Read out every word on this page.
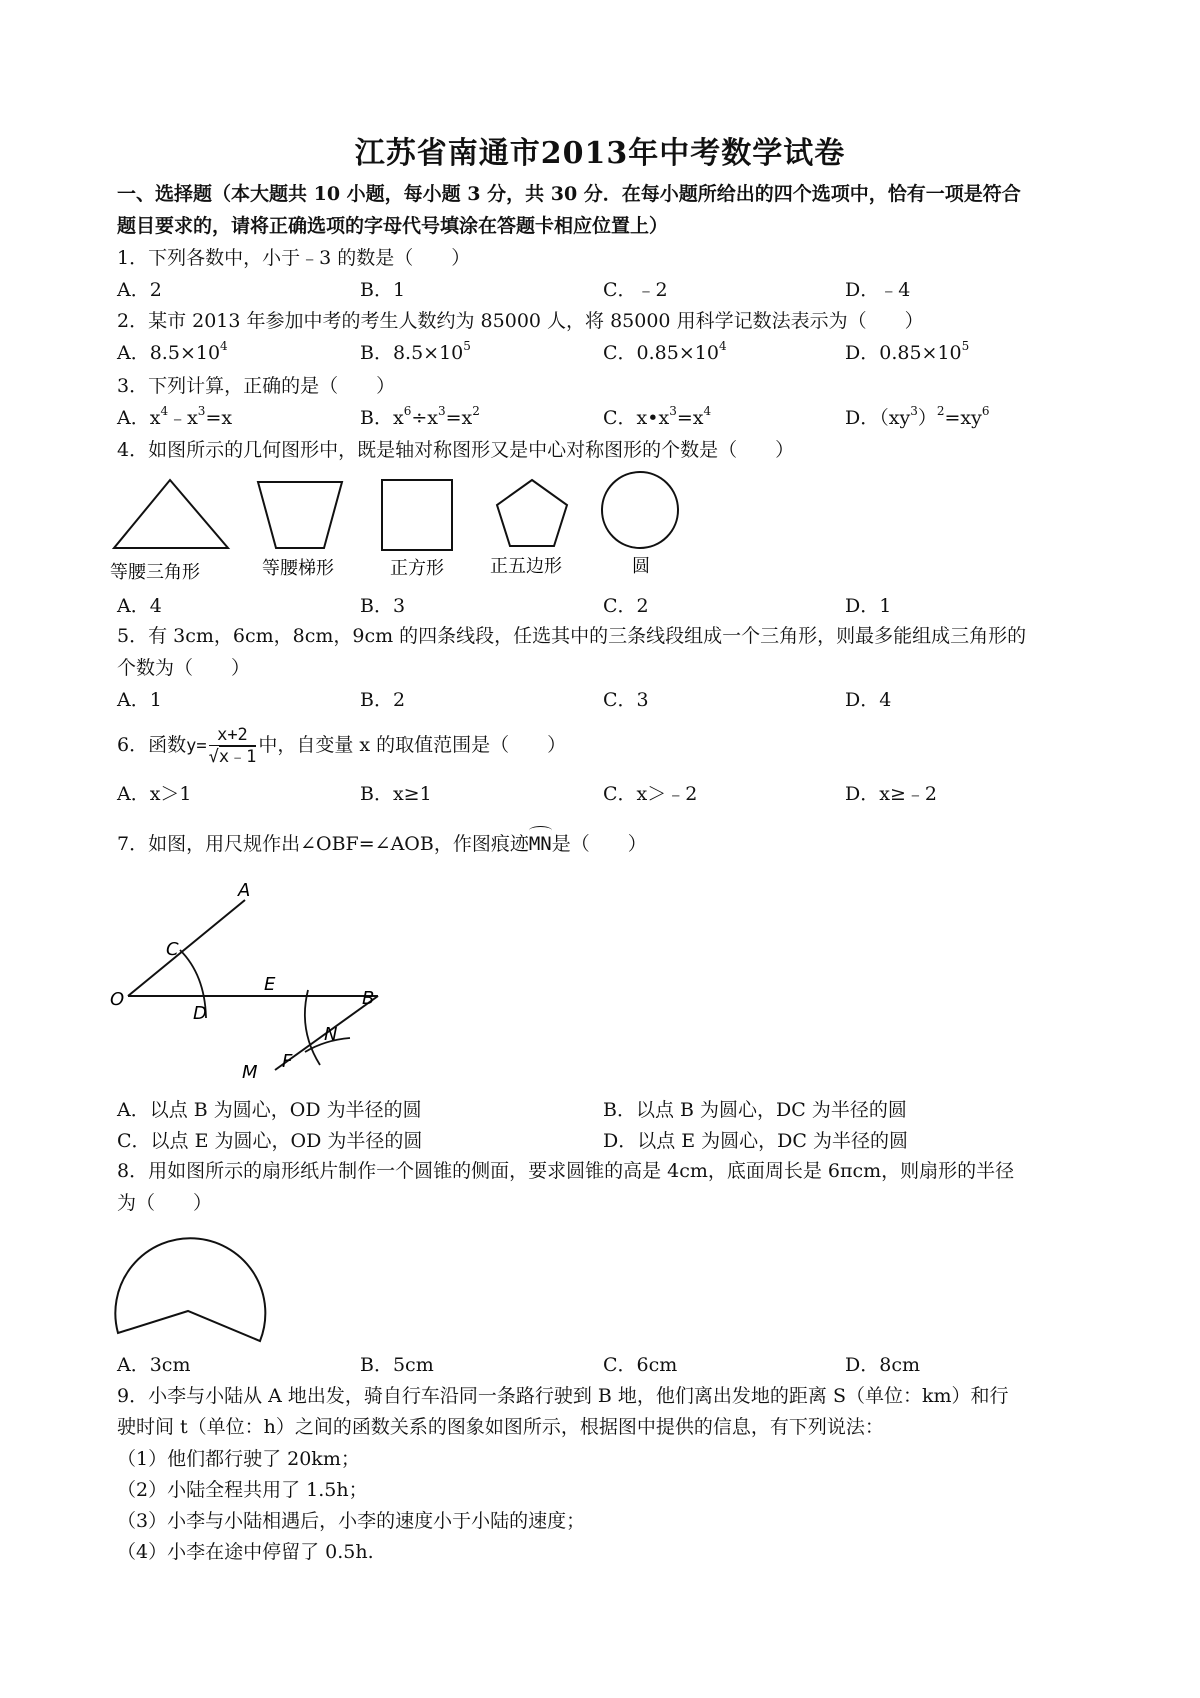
江苏省南通市2013年中考数学试卷
一、选择题（本大题共 10 小题，每小题 3 分，共 30 分．在每小题所给出的四个选项中，恰有一项是符合
题目要求的，请将正确选项的字母代号填涂在答题卡相应位置上）
1．下列各数中，小于﹣3 的数是（　　）
A．2	B．1	C．﹣2	D．﹣4
2．某市 2013 年参加中考的考生人数约为 85000 人，将 85000 用科学记数法表示为（　　）
A．$8.5\times 10^4$	B．$8.5\times 10^5$	C．$0.85\times 10^4$	D．$0.85\times 10^5$
3．下列计算，正确的是（　　）
A．$x^4﹣x^3=x$	B．$x^6\div x^3=x^2$	C．$x•x^3=x^4$	D．$(xy^3)^2=xy^6$
4．如图所示的几何图形中，既是轴对称图形又是中心对称图形的个数是（　　）
等腰三角形	等腰梯形	正方形	正五边形	圆
A．4	B．3	C．2	D．1
5．有 3cm，6cm，8cm，9cm 的四条线段，任选其中的三条线段组成一个三角形，则最多能组成三角形的
个数为（　　）
A．1	B．2	C．3	D．4
6．函数$y= \frac{x+2}{√x﹣1}$ 中，自变量 x 的取值范围是（　　）
A．x＞1	B．x≥1	C．x＞﹣2	D．x≥﹣2
7．如图，用尺规作出∠OBF=∠AOB，作图痕迹MN是（　　）
A
C
O
D
E
B
N
F
M
A．以点 B 为圆心，OD 为半径的圆	B．以点 B 为圆心，DC 为半径的圆
C．以点 E 为圆心，OD 为半径的圆	D．以点 E 为圆心，DC 为半径的圆
8．用如图所示的扇形纸片制作一个圆锥的侧面，要求圆锥的高是 4cm，底面周长是 6πcm，则扇形的半径
为（　　）
A．3cm	B．5cm	C．6cm	D．8cm
9．小李与小陆从 A 地出发，骑自行车沿同一条路行驶到 B 地，他们离出发地的距离 S（单位：km）和行
驶时间 t（单位：h）之间的函数关系的图象如图所示，根据图中提供的信息，有下列说法：
（1）他们都行驶了 20km；
（2）小陆全程共用了 1.5h；
（3）小李与小陆相遇后，小李的速度小于小陆的速度；
（4）小李在途中停留了 0.5h.
